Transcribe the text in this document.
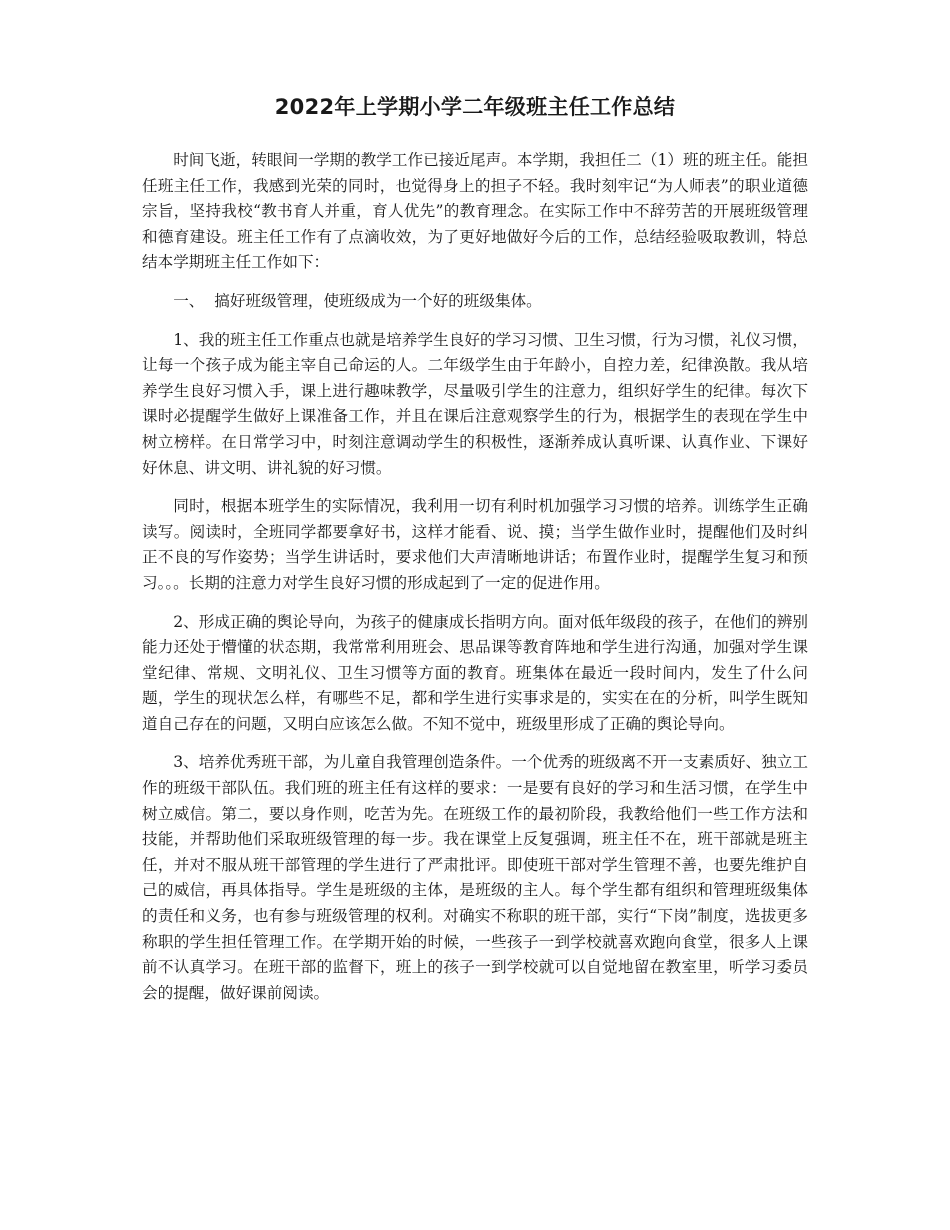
2022年上学期小学二年级班主任工作总结

时间飞逝，转眼间一学期的教学工作已接近尾声。本学期，我担任二（1）班的班主任。能担任班主任工作，我感到光荣的同时，也觉得身上的担子不轻。我时刻牢记“为人师表”的职业道德宗旨，坚持我校“教书育人并重，育人优先”的教育理念。在实际工作中不辞劳苦的开展班级管理和德育建设。班主任工作有了点滴收效，为了更好地做好今后的工作，总结经验吸取教训，特总结本学期班主任工作如下：

一、  搞好班级管理，使班级成为一个好的班级集体。

1、我的班主任工作重点也就是培养学生良好的学习习惯、卫生习惯，行为习惯，礼仪习惯，让每一个孩子成为能主宰自己命运的人。二年级学生由于年龄小，自控力差，纪律涣散。我从培养学生良好习惯入手，课上进行趣味教学，尽量吸引学生的注意力，组织好学生的纪律。每次下课时必提醒学生做好上课准备工作，并且在课后注意观察学生的行为，根据学生的表现在学生中树立榜样。在日常学习中，时刻注意调动学生的积极性，逐渐养成认真听课、认真作业、下课好好休息、讲文明、讲礼貌的好习惯。

同时，根据本班学生的实际情况，我利用一切有利时机加强学习习惯的培养。训练学生正确读写。阅读时，全班同学都要拿好书，这样才能看、说、摸；当学生做作业时，提醒他们及时纠正不良的写作姿势；当学生讲话时，要求他们大声清晰地讲话；布置作业时，提醒学生复习和预习。。。长期的注意力对学生良好习惯的形成起到了一定的促进作用。

2、形成正确的舆论导向，为孩子的健康成长指明方向。面对低年级段的孩子，在他们的辨别能力还处于懵懂的状态期，我常常利用班会、思品课等教育阵地和学生进行沟通，加强对学生课堂纪律、常规、文明礼仪、卫生习惯等方面的教育。班集体在最近一段时间内，发生了什么问题，学生的现状怎么样，有哪些不足，都和学生进行实事求是的，实实在在的分析，叫学生既知道自己存在的问题，又明白应该怎么做。不知不觉中，班级里形成了正确的舆论导向。

3、培养优秀班干部，为儿童自我管理创造条件。一个优秀的班级离不开一支素质好、独立工作的班级干部队伍。我们班的班主任有这样的要求：一是要有良好的学习和生活习惯，在学生中树立威信。第二，要以身作则，吃苦为先。在班级工作的最初阶段，我教给他们一些工作方法和技能，并帮助他们采取班级管理的每一步。我在课堂上反复强调，班主任不在，班干部就是班主任，并对不服从班干部管理的学生进行了严肃批评。即使班干部对学生管理不善，也要先维护自己的威信，再具体指导。学生是班级的主体，是班级的主人。每个学生都有组织和管理班级集体的责任和义务，也有参与班级管理的权利。对确实不称职的班干部，实行“下岗”制度，选拔更多称职的学生担任管理工作。在学期开始的时候，一些孩子一到学校就喜欢跑向食堂，很多人上课前不认真学习。在班干部的监督下，班上的孩子一到学校就可以自觉地留在教室里，听学习委员会的提醒，做好课前阅读。
